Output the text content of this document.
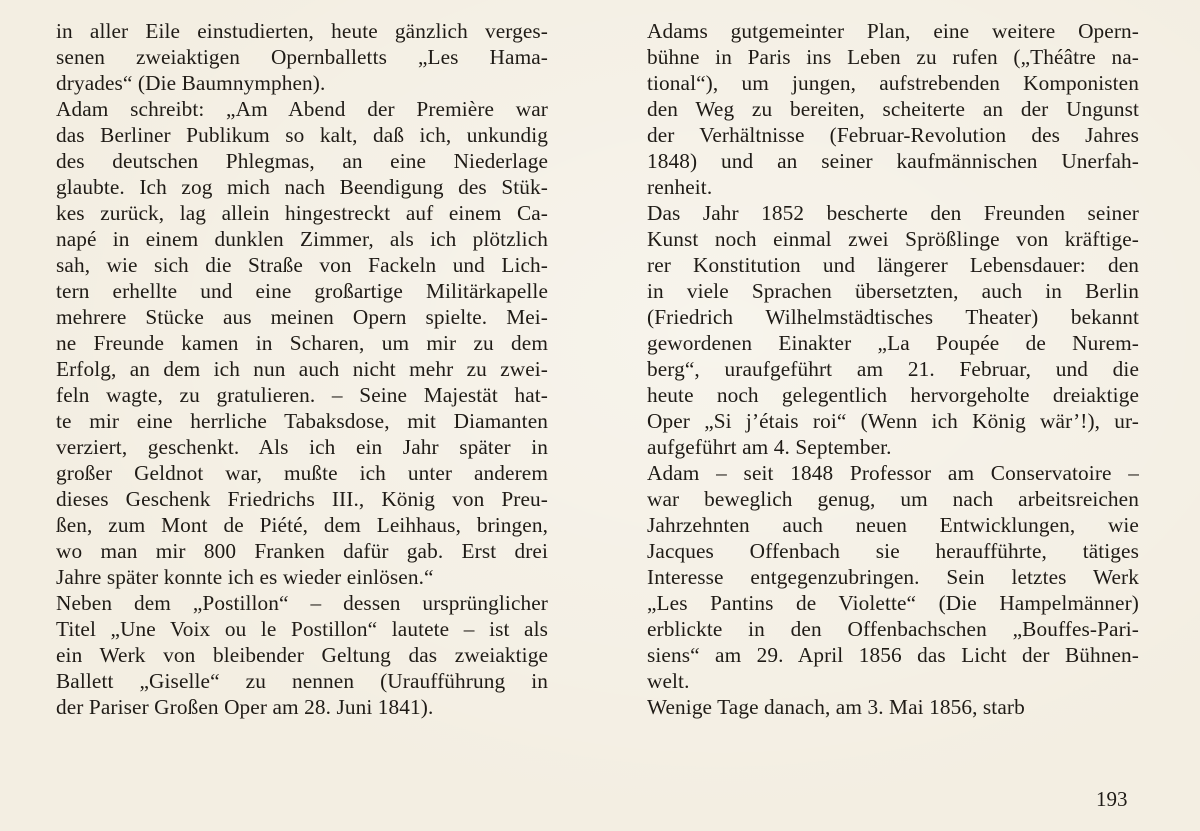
in aller Eile einstudierten, heute gänzlich verges-
senen zweiaktigen Opernballetts „Les Hama-
dryades“ (Die Baumnymphen).
Adam schreibt: „Am Abend der Première war
das Berliner Publikum so kalt, daß ich, unkundig
des deutschen Phlegmas, an eine Niederlage
glaubte. Ich zog mich nach Beendigung des Stük-
kes zurück, lag allein hingestreckt auf einem Ca-
napé in einem dunklen Zimmer, als ich plötzlich
sah, wie sich die Straße von Fackeln und Lich-
tern erhellte und eine großartige Militärkapelle
mehrere Stücke aus meinen Opern spielte. Mei-
ne Freunde kamen in Scharen, um mir zu dem
Erfolg, an dem ich nun auch nicht mehr zu zwei-
feln wagte, zu gratulieren. – Seine Majestät hat-
te mir eine herrliche Tabaksdose, mit Diamanten
verziert, geschenkt. Als ich ein Jahr später in
großer Geldnot war, mußte ich unter anderem
dieses Geschenk Friedrichs III., König von Preu-
ßen, zum Mont de Piété, dem Leihhaus, bringen,
wo man mir 800 Franken dafür gab. Erst drei
Jahre später konnte ich es wieder einlösen.“
Neben dem „Postillon“ – dessen ursprünglicher
Titel „Une Voix ou le Postillon“ lautete – ist als
ein Werk von bleibender Geltung das zweiaktige
Ballett „Giselle“ zu nennen (Uraufführung in
der Pariser Großen Oper am 28. Juni 1841).
Adams gutgemeinter Plan, eine weitere Opern-
bühne in Paris ins Leben zu rufen („Théâtre na-
tional“), um jungen, aufstrebenden Komponisten
den Weg zu bereiten, scheiterte an der Ungunst
der Verhältnisse (Februar-Revolution des Jahres
1848) und an seiner kaufmännischen Unerfah-
renheit.
Das Jahr 1852 bescherte den Freunden seiner
Kunst noch einmal zwei Sprößlinge von kräftige-
rer Konstitution und längerer Lebensdauer: den
in viele Sprachen übersetzten, auch in Berlin
(Friedrich Wilhelmstädtisches Theater) bekannt
gewordenen Einakter „La Poupée de Nurem-
berg“, uraufgeführt am 21. Februar, und die
heute noch gelegentlich hervorgeholte dreiaktige
Oper „Si j’étais roi“ (Wenn ich König wär’!), ur-
aufgeführt am 4. September.
Adam – seit 1848 Professor am Conservatoire –
war beweglich genug, um nach arbeitsreichen
Jahrzehnten auch neuen Entwicklungen, wie
Jacques Offenbach sie heraufführte, tätiges
Interesse entgegenzubringen. Sein letztes Werk
„Les Pantins de Violette“ (Die Hampelmänner)
erblickte in den Offenbachschen „Bouffes-Pari-
siens“ am 29. April 1856 das Licht der Bühnen-
welt.
Wenige Tage danach, am 3. Mai 1856, starb
193
